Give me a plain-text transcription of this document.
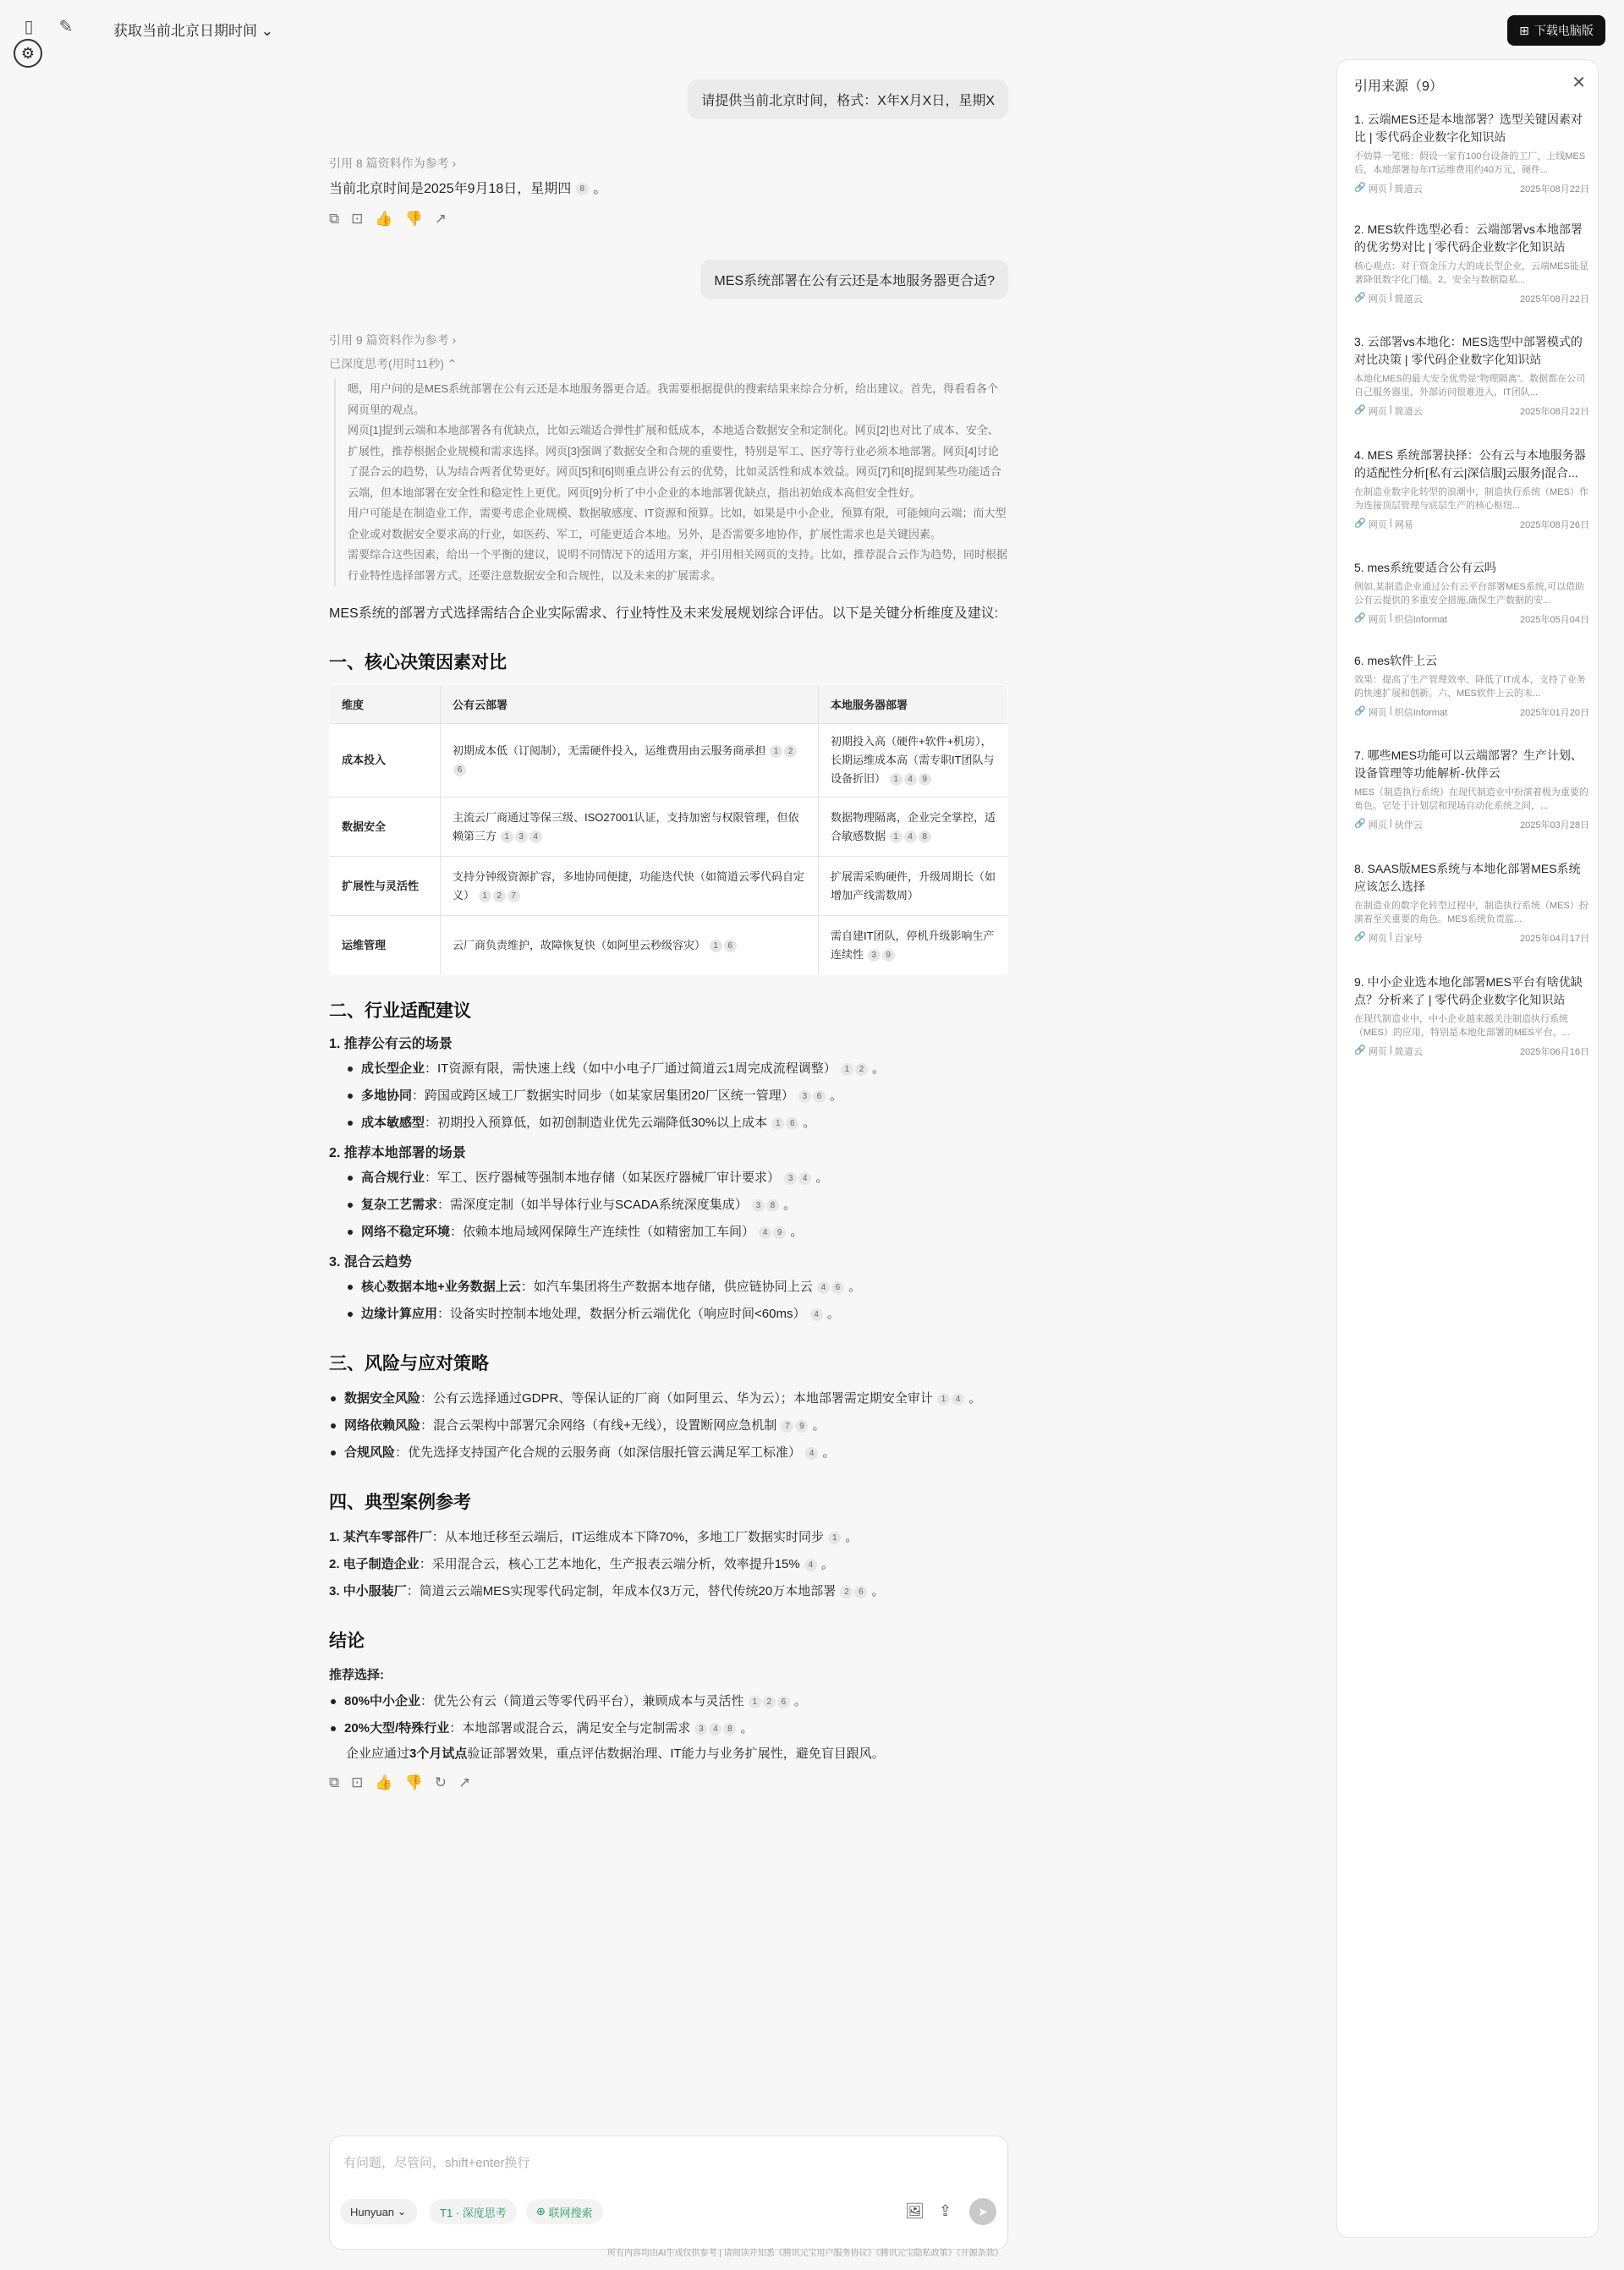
▯	✎	获取当前北京日期时间 ⌄	⊞ 下载电脑版
⚙
请提供当前北京时间，格式：X年X月X日，星期X
引用 8 篇资料作为参考 ›
当前北京时间是2025年9月18日，星期四 8 。
⧉ ⊡ 👍 👎 ↗
MES系统部署在公有云还是本地服务器更合适?
引用 9 篇资料作为参考 ›
已深度思考(用时11秒) ⌃

嗯，用户问的是MES系统部署在公有云还是本地服务器更合适。我需要根据提供的搜索结果来综合分析，给出建议。首先，得看看各个网页里的观点。

网页[1]提到云端和本地部署各有优缺点，比如云端适合弹性扩展和低成本，本地适合数据安全和定制化。网页[2]也对比了成本、安全、扩展性，推荐根据企业规模和需求选择。网页[3]强调了数据安全和合规的重要性，特别是军工、医疗等行业必须本地部署。网页[4]讨论了混合云的趋势，认为结合两者优势更好。网页[5]和[6]则重点讲公有云的优势，比如灵活性和成本效益。网页[7]和[8]提到某些功能适合云端，但本地部署在安全性和稳定性上更优。网页[9]分析了中小企业的本地部署优缺点，指出初始成本高但安全性好。

用户可能是在制造业工作，需要考虑企业规模、数据敏感度、IT资源和预算。比如，如果是中小企业，预算有限，可能倾向云端；而大型企业或对数据安全要求高的行业，如医药、军工，可能更适合本地。另外，是否需要多地协作，扩展性需求也是关键因素。

需要综合这些因素，给出一个平衡的建议，说明不同情况下的适用方案，并引用相关网页的支持。比如，推荐混合云作为趋势，同时根据行业特性选择部署方式。还要注意数据安全和合规性，以及未来的扩展需求。

MES系统的部署方式选择需结合企业实际需求、行业特性及未来发展规划综合评估。以下是关键分析维度及建议:
一、核心决策因素对比
维度	公有云部署	本地服务器部署
成本投入	初期成本低（订阅制），无需硬件投入，运维费用由云服务商承担 1 26	初期投入高（硬件+软件+机房），长期运维成本高（需专职IT团队与设备折旧） 1 4 9
数据安全	主流云厂商通过等保三级、ISO27001认证，支持加密与权限管理，但依赖第三方 1 3 4	数据物理隔离，企业完全掌控，适合敏感数据 1 4 8
扩展性与灵活性	支持分钟级资源扩容，多地协同便捷，功能迭代快（如简道云零代码自定义） 1 2 7	扩展需采购硬件，升级周期长（如增加产线需数周）
运维管理	云厂商负责维护，故障恢复快（如阿里云秒级容灾） 1 6	需自建IT团队，停机升级影响生产连续性 3 9
二、行业适配建议
1. 推荐公有云的场景
成长型企业：IT资源有限，需快速上线（如中小电子厂通过简道云1周完成流程调整） 1 2 。
多地协同：跨国或跨区域工厂数据实时同步（如某家居集团20厂区统一管理） 3 6 。
成本敏感型：初期投入预算低，如初创制造业优先云端降低30%以上成本 1 6 。
2. 推荐本地部署的场景
高合规行业：军工、医疗器械等强制本地存储（如某医疗器械厂审计要求） 3 4 。
复杂工艺需求：需深度定制（如半导体行业与SCADA系统深度集成） 3 8 。
网络不稳定环境：依赖本地局域网保障生产连续性（如精密加工车间） 4 9 。
3. 混合云趋势
核心数据本地+业务数据上云：如汽车集团将生产数据本地存储，供应链协同上云 4 6 。
边缘计算应用：设备实时控制本地处理，数据分析云端优化（响应时间<60ms） 4 。
三、风险与应对策略
数据安全风险：公有云选择通过GDPR、等保认证的厂商（如阿里云、华为云）；本地部署需定期安全审计 1 4 。
网络依赖风险：混合云架构中部署冗余网络（有线+无线），设置断网应急机制 7 9 。
合规风险：优先选择支持国产化合规的云服务商（如深信服托管云满足军工标准） 4 。
四、典型案例参考
1. 某汽车零部件厂：从本地迁移至云端后，IT运维成本下降70%，多地工厂数据实时同步 1 。
2. 电子制造企业：采用混合云，核心工艺本地化，生产报表云端分析，效率提升15% 4 。
3. 中小服装厂：简道云云端MES实现零代码定制，年成本仅3万元，替代传统20万本地部署 2 6 。
结论
推荐选择:
80%中小企业：优先公有云（简道云等零代码平台），兼顾成本与灵活性 1 2 6 。
20%大型/特殊行业：本地部署或混合云，满足安全与定制需求 3 4 8 。
企业应通过3个月试点验证部署效果，重点评估数据治理、IT能力与业务扩展性，避免盲目跟风。
⧉ ⊡ 👍 👎 ↻ ↗
有问题，尽管问，shift+enter换行
Hunyuan ⌄	T1 · 深度思考	⊕
联网搜索	🖼 ⇪	➤
所有内容均由AI生成仅供参考 | 请阅读并知悉《腾讯元宝用户服务协议》《腾讯元宝隐私政策》《开源条款》
引用来源（9）	✕
1. 云端MES还是本地部署？选型关键因素对比 | 零代码企业数字化知识站
不妨算一笔账：假设一家有100台设备的工厂，上线MES后，本地部署每年IT运维费用约40万元，硬件...
🔗
网页 | 简道云	2025年08月22日
2. MES软件选型必看：云端部署vs本地部署的优劣势对比 | 零代码企业数字化知识站
核心观点：对于资金压力大的成长型企业，云端MES能显著降低数字化门槛。2、安全与数据隐私...
🔗
网页 | 简道云	2025年08月22日
3. 云部署vs本地化：MES选型中部署模式的对比决策 | 零代码企业数字化知识站
本地化MES的最大安全优势是“物理隔离”。数据都在公司自己服务器里，外部访问很难进入，IT团队...
🔗
网页 | 简道云	2025年08月22日
4. MES 系统部署抉择：公有云与本地服务器的适配性分析[私有云|深信服]云服务|混合...
在制造业数字化转型的浪潮中，制造执行系统（MES）作为连接顶层管理与底层生产的核心枢纽...
🔗
网页 | 网易	2025年08月26日
5. mes系统要适合公有云吗
例如,某制造企业通过公有云平台部署MES系统,可以借助公有云提供的多重安全措施,确保生产数据的安...
🔗
网页 | 织信Informat	2025年05月04日
6. mes软件上云
效果：提高了生产管理效率、降低了IT成本，支持了业务的快速扩展和创新。六、MES软件上云的未...
🔗
网页 | 织信Informat	2025年01月20日
7. 哪些MES功能可以云端部署？生产计划、设备管理等功能解析-伙伴云
MES（制造执行系统）在现代制造业中扮演着极为重要的角色。它处于计划层和现场自动化系统之间，...
🔗
网页 | 伙伴云	2025年03月28日
8. SAAS版MES系统与本地化部署MES系统应该怎么选择
在制造业的数字化转型过程中，制造执行系统（MES）扮演着至关重要的角色。MES系统负责监...
🔗
网页 | 百家号	2025年04月17日
9. 中小企业选本地化部署MES平台有啥优缺点？分析来了 | 零代码企业数字化知识站
在现代制造业中，中小企业越来越关注制造执行系统（MES）的应用，特别是本地化部署的MES平台。...
🔗
网页 | 简道云	2025年06月16日
